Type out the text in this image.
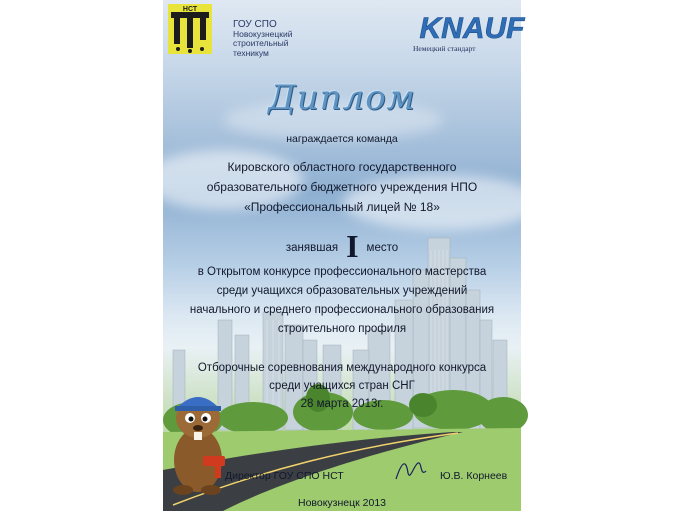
НСТ
ГОУ СПО
Новокузнецкий
строительный
техникум
KNAUF
Немецкий стандарт
Диплом
награждается команда
Кировского областного государственного
образовательного бюджетного учреждения НПО
«Профессиональный лицей № 18»
занявшая I место
в Открытом конкурсе профессионального мастерства
среди учащихся образовательных учреждений
начального и среднего профессионального образования
строительного профиля
Отборочные соревнования международного конкурса
среди учащихся стран СНГ
28 марта 2013г.
Директор ГОУ СПО НСТ	Ю.В. Корнеев
Новокузнецк 2013
